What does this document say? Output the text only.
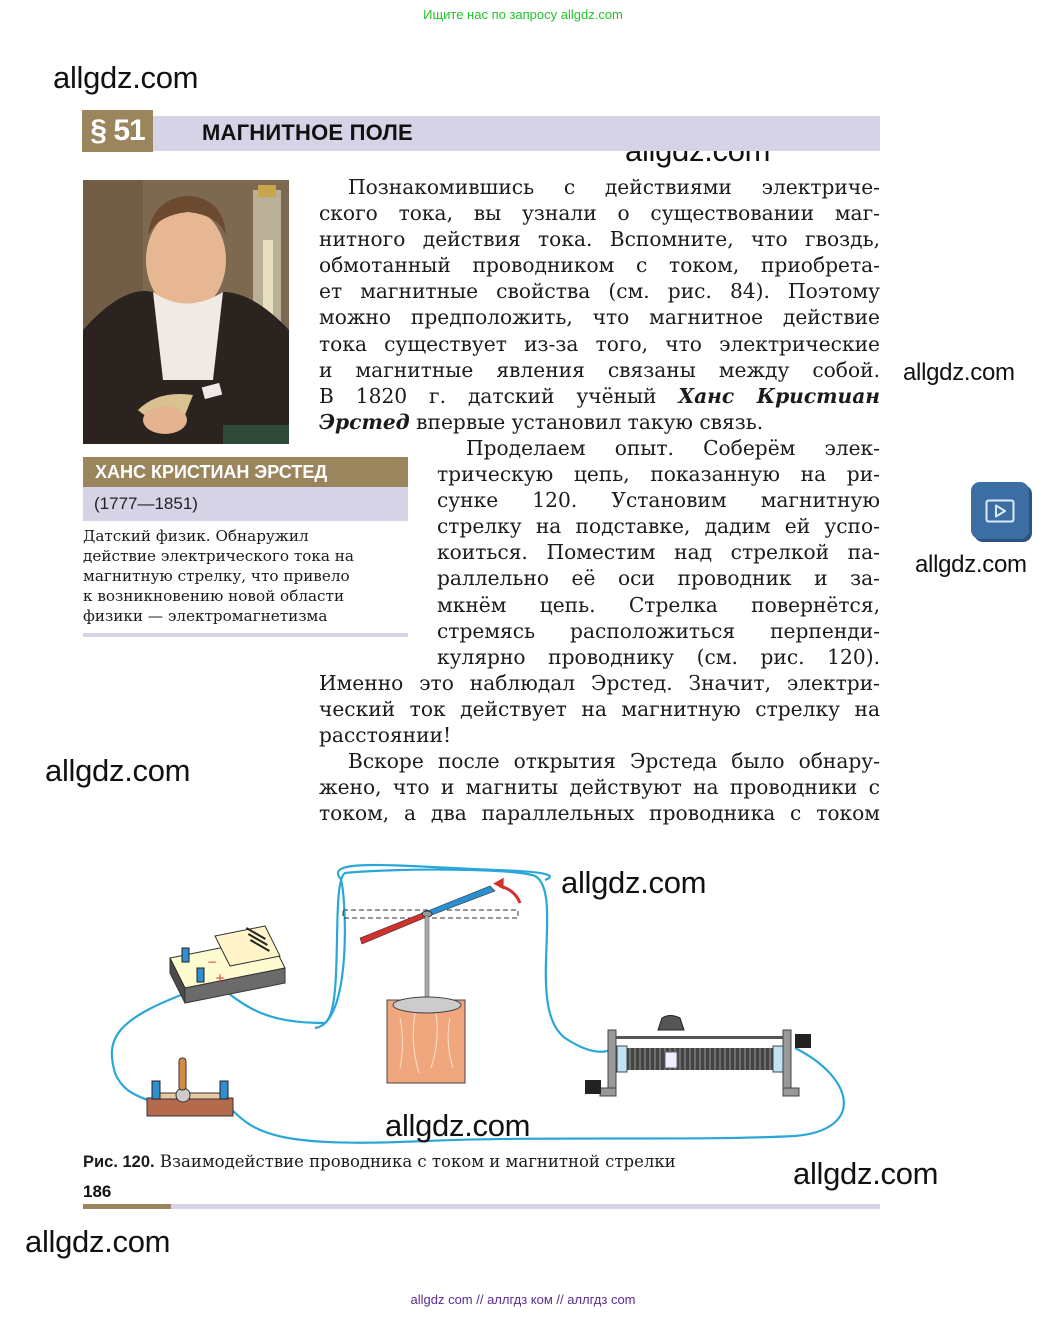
Ищите нас по запросу allgdz.com
allgdz.com
allgdz.com
allgdz.com
allgdz.com
allgdz.com
allgdz.com
allgdz.com
allgdz.com
§ 51	МАГНИТНОЕ ПОЛЕ
ХАНС КРИСТИАН ЭРСТЕД
(1777—1851)
Датский физик. Обнаружил
действие электрического тока на
магнитную стрелку, что привело
к возникновению новой области
физики — электромагнетизма
Познакомившись с действиями электриче-
ского тока, вы узнали о существовании маг-
нитного действия тока. Вспомните, что гвоздь,
обмотанный проводником с током, приобрета-
ет магнитные свойства (см. рис. 84). Поэтому
можно предположить, что магнитное действие
тока существует из-за того, что электрические
и магнитные явления связаны между собой.
В 1820 г. датский учёный Ханс Кристиан
Эрстед впервые установил такую связь.
Проделаем опыт. Соберём элек-
трическую цепь, показанную на ри-
сунке 120. Установим магнитную
стрелку на подставке, дадим ей успо-
коиться. Поместим над стрелкой па-
раллельно её оси проводник и за-
мкнём цепь. Стрелка повернётся,
стремясь расположиться перпенди-
кулярно проводнику (см. рис. 120).
Именно это наблюдал Эрстед. Значит, электри-
ческий ток действует на магнитную стрелку на
расстоянии!
Вскоре после открытия Эрстеда было обнару-
жено, что и магниты действуют на проводники с
током, а два параллельных проводника с током
−
+
Рис. 120. Взаимодействие проводника с током и магнитной стрелки
186
allgdz com // аллгдз ком // аллгдз com
